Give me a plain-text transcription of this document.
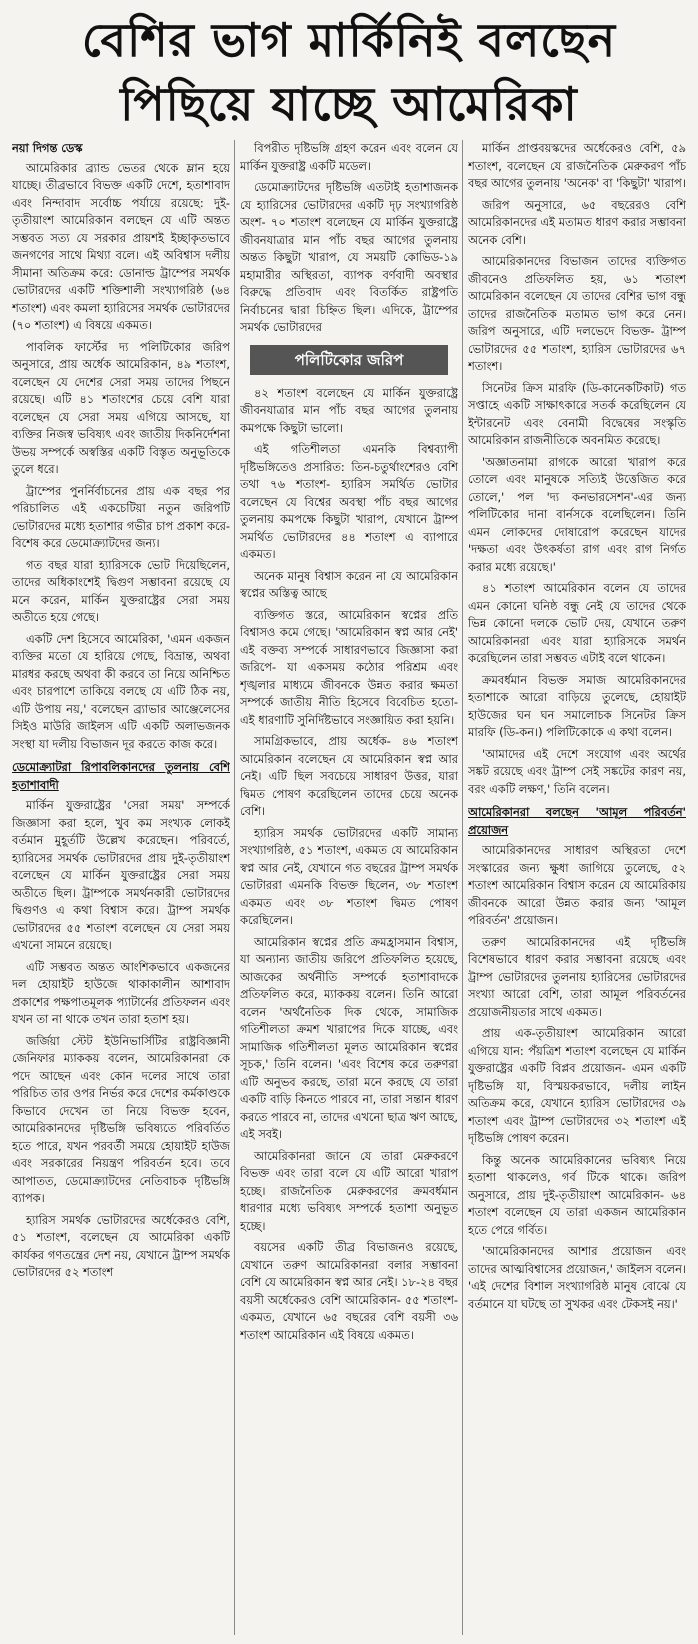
বেশির ভাগ মার্কিনিই বলছেন
পিছিয়ে যাচ্ছে আমেরিকা

নয়া দিগন্ত ডেস্ক

আমেরিকার ব্র্যান্ড ভেতর থেকে ম্লান হয়ে যাচ্ছে। তীব্রভাবে বিভক্ত একটি দেশে, হতাশাবাদ এবং নিন্দাবাদ সর্বোচ্চ পর্যায়ে রয়েছে: দুই-তৃতীয়াংশ আমেরিকান বলছেন যে এটি অন্তত সম্ভবত সত্য যে সরকার প্রায়শই ইচ্ছাকৃতভাবে জনগণের সাথে মিথ্যা বলে। এই অবিশ্বাস দলীয় সীমানা অতিক্রম করে: ডোনাল্ড ট্রাম্পের সমর্থক ভোটারদের একটি শক্তিশালী সংখ্যাগরিষ্ঠ (৬৪ শতাংশ) এবং কমলা হ্যারিসের সমর্থক ভোটারদের (৭০ শতাংশ) এ বিষয়ে একমত।

পাবলিক ফার্স্টের দ্য পলিটিকোর জরিপ অনুসারে, প্রায় অর্ধেক আমেরিকান, ৪৯ শতাংশ, বলেছেন যে দেশের সেরা সময় তাদের পিছনে রয়েছে। এটি ৪১ শতাংশের চেয়ে বেশি যারা বলেছেন যে সেরা সময় এগিয়ে আসছে, যা ব্যক্তির নিজস্ব ভবিষ্যৎ এবং জাতীয় দিকনির্দেশনা উভয় সম্পর্কে অস্বস্তির একটি বিস্তৃত অনুভূতিকে তুলে ধরে।

ট্রাম্পের পুনর্নির্বাচনের প্রায় এক বছর পর পরিচালিত এই একচেটিয়া নতুন জরিপটি ভোটারদের মধ্যে হতাশার গভীর চাপ প্রকাশ করে- বিশেষ করে ডেমোক্র্যাটদের জন্য।

গত বছর যারা হ্যারিসকে ভোট দিয়েছিলেন, তাদের অধিকাংশেই দ্বিগুণ সম্ভাবনা রয়েছে যে মনে করেন, মার্কিন যুক্তরাষ্ট্রের সেরা সময় অতীতে হয়ে গেছে।

একটি দেশ হিসেবে আমেরিকা, 'এমন একজন ব্যক্তির মতো যে হারিয়ে গেছে, বিভ্রান্ত, অথবা মারধর করছে অথবা কী করবে তা নিয়ে অনিশ্চিত এবং চারপাশে তাকিয়ে বলছে যে এটি ঠিক নয়, এটি উপায় নয়,' বলেছেন ব্র্যাভার আঞ্জেলেসের সিইও মাউরি জাইলস এটি একটি অলাভজনক সংস্থা যা দলীয় বিভাজন দূর করতে কাজ করে।

ডেমোক্র্যাটরা রিপাবলিকানদের তুলনায় বেশি হতাশাবাদী

মার্কিন যুক্তরাষ্ট্রের 'সেরা সময়' সম্পর্কে জিজ্ঞাসা করা হলে, খুব কম সংখ্যক লোকই বর্তমান মুহূর্তটি উল্লেখ করেছেন। পরিবর্তে, হ্যারিসের সমর্থক ভোটারদের প্রায় দুই-তৃতীয়াংশ বলেছেন যে মার্কিন যুক্তরাষ্ট্রের সেরা সময় অতীতে ছিল। ট্রাম্পকে সমর্থনকারী ভোটারদের দ্বিগুণও এ কথা বিশ্বাস করে। ট্রাম্প সমর্থক ভোটারদের ৫৫ শতাংশ বলেছেন যে সেরা সময় এখনো সামনে রয়েছে।

এটি সম্ভবত অন্তত আংশিকভাবে একজনের দল হোয়াইট হাউজে থাকাকালীন আশাবাদ প্রকাশের পক্ষপাতমূলক প্যাটার্নের প্রতিফলন এবং যখন তা না থাকে তখন তারা হতাশ হয়।

জর্জিয়া স্টেট ইউনিভার্সিটির রাষ্ট্রবিজ্ঞানী জেনিফার ম্যাককয় বলেন, আমেরিকানরা কে পদে আছেন এবং কোন দলের সাথে তারা পরিচিত তার ওপর নির্ভর করে দেশের কর্মকাণ্ডকে কিভাবে দেখেন তা নিয়ে বিভক্ত হবেন, আমেরিকানদের দৃষ্টিভঙ্গি ভবিষ্যতে পরিবর্তিত হতে পারে, যখন পরবর্তী সময়ে হোয়াইট হাউজ এবং সরকারের নিয়ন্ত্রণ পরিবর্তন হবে। তবে আপাতত, ডেমোক্র্যাটদের নেতিবাচক দৃষ্টিভঙ্গি ব্যাপক।

হ্যারিস সমর্থক ভোটারদের অর্ধেকেরও বেশি, ৫১ শতাংশ, বলেছেন যে আমেরিকা একটি কার্যকর গণতন্ত্রের দেশ নয়, যেখানে ট্রাম্প সমর্থক ভোটারদের ৫২ শতাংশ

বিপরীত দৃষ্টিভঙ্গি গ্রহণ করেন এবং বলেন যে মার্কিন যুক্তরাষ্ট্র একটি মডেল।

ডেমোক্র্যাটদের দৃষ্টিভঙ্গি এতটাই হতাশাজনক যে হ্যারিসের ভোটারদের একটি দৃঢ় সংখ্যাগরিষ্ঠ অংশ- ৭০ শতাংশ বলেছেন যে মার্কিন যুক্তরাষ্ট্রে জীবনযাত্রার মান পাঁচ বছর আগের তুলনায় অন্তত কিছুটা খারাপ, যে সময়টি কোভিড-১৯ মহামারীর অস্থিরতা, ব্যাপক বর্ণবাদী অবস্থার বিরুদ্ধে প্রতিবাদ এবং বিতর্কিত রাষ্ট্রপতি নির্বাচনের দ্বারা চিহ্নিত ছিল। এদিকে, ট্রাম্পের সমর্থক ভোটারদের

পলিটিকোর জরিপ

৪২ শতাংশ বলেছেন যে মার্কিন যুক্তরাষ্ট্রে জীবনযাত্রার মান পাঁচ বছর আগের তুলনায় কমপক্ষে কিছুটা ভালো।

এই গতিশীলতা এমনকি বিশ্বব্যাপী দৃষ্টিভঙ্গিতেও প্রসারিত: তিন-চতুর্থাংশেরও বেশি তথা ৭৬ শতাংশ- হ্যারিস সমর্থিত ভোটার বলেছেন যে বিশ্বের অবস্থা পাঁচ বছর আগের তুলনায় কমপক্ষে কিছুটা খারাপ, যেখানে ট্রাম্প সমর্থিত ভোটারদের ৪৪ শতাংশ এ ব্যাপারে একমত।

অনেক মানুষ বিশ্বাস করেন না যে আমেরিকান স্বপ্নের অস্তিত্ব আছে

ব্যক্তিগত স্তরে, আমেরিকান স্বপ্নের প্রতি বিশ্বাসও কমে গেছে। 'আমেরিকান স্বপ্ন আর নেই' এই বক্তব্য সম্পর্কে সাধারণভাবে জিজ্ঞাসা করা জরিপে- যা একসময় কঠোর পরিশ্রম এবং শৃঙ্খলার মাধ্যমে জীবনকে উন্নত করার ক্ষমতা সম্পর্কে জাতীয় নীতি হিসেবে বিবেচিত হতো- এই ধারণাটি সুনির্দিষ্টভাবে সংজ্ঞায়িত করা হয়নি।

সামগ্রিকভাবে, প্রায় অর্ধেক- ৪৬ শতাংশ আমেরিকান বলেছেন যে আমেরিকান স্বপ্ন আর নেই। এটি ছিল সবচেয়ে সাধারণ উত্তর, যারা দ্বিমত পোষণ করেছিলেন তাদের চেয়ে অনেক বেশি।

হ্যারিস সমর্থক ভোটারদের একটি সামান্য সংখ্যাগরিষ্ঠ, ৫১ শতাংশ, একমত যে আমেরিকান স্বপ্ন আর নেই, যেখানে গত বছরের ট্রাম্প সমর্থক ভোটাররা এমনকি বিভক্ত ছিলেন, ৩৮ শতাংশ একমত এবং ৩৮ শতাংশ দ্বিমত পোষণ করেছিলেন।

আমেরিকান স্বপ্নের প্রতি ক্রমহ্রাসমান বিশ্বাস, যা অন্যান্য জাতীয় জরিপে প্রতিফলিত হয়েছে, আজকের অর্থনীতি সম্পর্কে হতাশাবাদকে প্রতিফলিত করে, ম্যাককয় বলেন। তিনি আরো বলেন 'অর্থনৈতিক দিক থেকে, সামাজিক গতিশীলতা ক্রমশ খারাপের দিকে যাচ্ছে, এবং সামাজিক গতিশীলতা মূলত আমেরিকান স্বপ্নের সূচক,' তিনি বলেন। 'এবং বিশেষ করে তরুণরা এটি অনুভব করছে, তারা মনে করছে যে তারা একটি বাড়ি কিনতে পারবে না, তারা সন্তান ধারণ করতে পারবে না, তাদের এখনো ছাত্র ঋণ আছে, এই সবই।

আমেরিকানরা জানে যে তারা মেরুকরণে বিভক্ত এবং তারা বলে যে এটি আরো খারাপ হচ্ছে। রাজনৈতিক মেরুকরণের ক্রমবর্ধমান ধারণার মধ্যে ভবিষ্যৎ সম্পর্কে হতাশা অনুভূত হচ্ছে।

বয়সের একটি তীব্র বিভাজনও রয়েছে, যেখানে তরুণ আমেরিকানরা বলার সম্ভাবনা বেশি যে আমেরিকান স্বপ্ন আর নেই। ১৮-২৪ বছর বয়সী অর্ধেকেরও বেশি আমেরিকান- ৫৫ শতাংশ- একমত, যেখানে ৬৫ বছরের বেশি বয়সী ৩৬ শতাংশ আমেরিকান এই বিষয়ে একমত।

মার্কিন প্রাপ্তবয়স্কদের অর্ধেকেরও বেশি, ৫৯ শতাংশ, বলেছেন যে রাজনৈতিক মেরুকরণ পাঁচ বছর আগের তুলনায় 'অনেক' বা 'কিছুটা' খারাপ।

জরিপ অনুসারে, ৬৫ বছরেরও বেশি আমেরিকানদের এই মতামত ধারণ করার সম্ভাবনা অনেক বেশি।

আমেরিকানদের বিভাজন তাদের ব্যক্তিগত জীবনেও প্রতিফলিত হয়, ৬১ শতাংশ আমেরিকান বলেছেন যে তাদের বেশির ভাগ বন্ধু তাদের রাজনৈতিক মতামত ভাগ করে নেন। জরিপ অনুসারে, এটি দলভেদে বিভক্ত- ট্রাম্প ভোটারদের ৫৫ শতাংশ, হ্যারিস ভোটারদের ৬৭ শতাংশ।

সিনেটর ক্রিস মারফি (ডি-কানেকটিকাট) গত সপ্তাহে একটি সাক্ষাৎকারে সতর্ক করেছিলেন যে ইন্টারনেট এবং বেনামী বিদ্বেষের সংস্কৃতি আমেরিকান রাজনীতিকে অবনমিত করেছে।

'অজ্ঞাতনামা রাগকে আরো খারাপ করে তোলে এবং মানুষকে সত্যিই উত্তেজিত করে তোলে,' পল 'দ্য কনভারসেশন'-এর জন্য পলিটিকোর দানা বার্নসকে বলেছিলেন। তিনি এমন লোকদের দোষারোপ করেছেন যাদের 'দক্ষতা এবং উৎকর্ষতা রাগ এবং রাগ নির্গত করার মধ্যে রয়েছে।'

৪১ শতাংশ আমেরিকান বলেন যে তাদের এমন কোনো ঘনিষ্ঠ বন্ধু নেই যে তাদের থেকে ভিন্ন কোনো দলকে ভোট দেয়, যেখানে তরুণ আমেরিকানরা এবং যারা হ্যারিসকে সমর্থন করেছিলেন তারা সম্ভবত এটাই বলে থাকেন।

ক্রমবর্ধমান বিভক্ত সমাজ আমেরিকানদের হতাশাকে আরো বাড়িয়ে তুলেছে, হোয়াইট হাউজের ঘন ঘন সমালোচক সিনেটর ক্রিস মারফি (ডি-কন।) পলিটিকোকে এ কথা বলেন।

'আমাদের এই দেশে সংযোগ এবং অর্থের সঙ্কট রয়েছে এবং ট্রাম্প সেই সঙ্কটের কারণ নয়, বরং একটি লক্ষণ,' তিনি বলেন।

আমেরিকানরা বলছেন 'আমূল পরিবর্তন' প্রয়োজন

আমেরিকানদের সাধারণ অস্থিরতা দেশে সংস্কারের জন্য ক্ষুধা জাগিয়ে তুলেছে, ৫২ শতাংশ আমেরিকান বিশ্বাস করেন যে আমেরিকায় জীবনকে আরো উন্নত করার জন্য 'আমূল পরিবর্তন' প্রয়োজন।

তরুণ আমেরিকানদের এই দৃষ্টিভঙ্গি বিশেষভাবে ধারণ করার সম্ভাবনা রয়েছে এবং ট্রাম্প ভোটারদের তুলনায় হ্যারিসের ভোটারদের সংখ্যা আরো বেশি, তারা আমূল পরিবর্তনের প্রয়োজনীয়তার সাথে একমত।

প্রায় এক-তৃতীয়াংশ আমেরিকান আরো এগিয়ে যান: পঁয়ত্রিশ শতাংশ বলেছেন যে মার্কিন যুক্তরাষ্ট্রের একটি বিপ্লব প্রয়োজন- এমন একটি দৃষ্টিভঙ্গি যা, বিস্ময়করভাবে, দলীয় লাইন অতিক্রম করে, যেখানে হ্যারিস ভোটারদের ৩৯ শতাংশ এবং ট্রাম্প ভোটারদের ৩২ শতাংশ এই দৃষ্টিভঙ্গি পোষণ করেন।

কিন্তু অনেক আমেরিকানের ভবিষ্যৎ নিয়ে হতাশা থাকলেও, গর্ব টিকে থাকে। জরিপ অনুসারে, প্রায় দুই-তৃতীয়াংশ আমেরিকান- ৬৪ শতাংশ বলেছেন যে তারা একজন আমেরিকান হতে পেরে গর্বিত।

'আমেরিকানদের আশার প্রয়োজন এবং তাদের আত্মবিশ্বাসের প্রয়োজন,' জাইলস বলেন। 'এই দেশের বিশাল সংখ্যাগরিষ্ঠ মানুষ বোঝে যে বর্তমানে যা ঘটছে তা সুখকর এবং টেকসই নয়।'
